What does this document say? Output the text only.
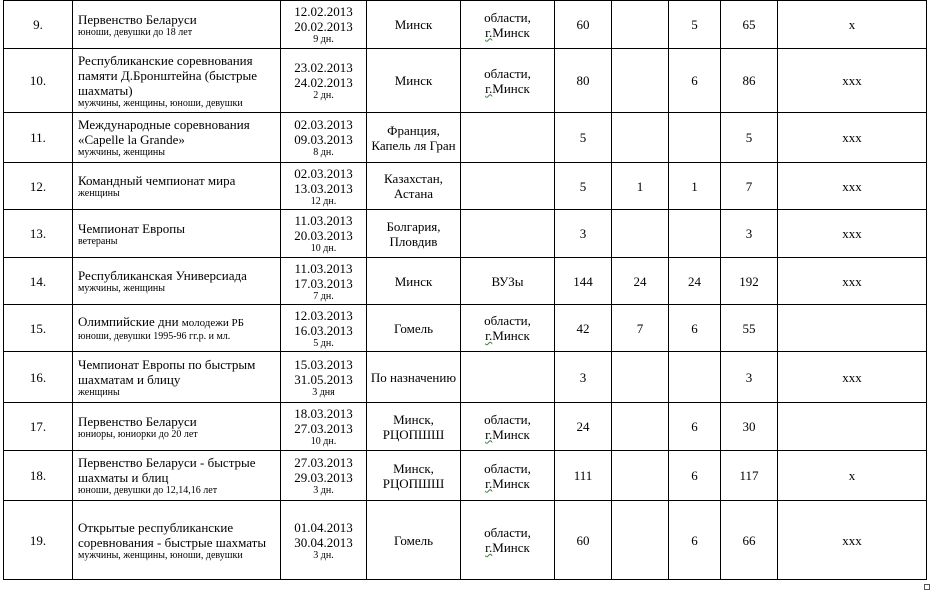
9.	Первенство Беларуси
юноши, девушки до 18 лет	12.02.2013
20.02.2013
9 дн.	Минск	области,
г.Минск	60		5	65	x
10.	Республиканские соревнования памяти Д.Бронштейна (быстрые шахматы)
мужчины, женщины, юноши, девушки	23.02.2013
24.02.2013
2 дн.	Минск	области,
г.Минск	80		6	86	xxx
11.	Международные соревнования «Capelle la Grande»
мужчины, женщины	02.03.2013
09.03.2013
8 дн.	Франция, Капель ля Гран		5			5	xxx
12.	Командный чемпионат мира
женщины	02.03.2013
13.03.2013
12 дн.	Казахстан, Астана		5	1	1	7	xxx
13.	Чемпионат Европы
ветераны	11.03.2013
20.03.2013
10 дн.	Болгария, Пловдив		3			3	xxx
14.	Республиканская Универсиада
мужчины, женщины	11.03.2013
17.03.2013
7 дн.	Минск	ВУЗы	144	24	24	192	xxx
15.	Олимпийские дни молодежи РБ
юноши, девушки 1995-96 гг.р. и мл.	12.03.2013
16.03.2013
5 дн.	Гомель	области,
г.Минск	42	7	6	55	
16.	Чемпионат Европы по быстрым шахматам и блицу
женщины	15.03.2013
31.05.2013
3 дня	По назначению		3			3	xxx
17.	Первенство Беларуси
юниоры, юниорки до 20 лет	18.03.2013
27.03.2013
10 дн.	Минск, РЦОПШШ	области,
г.Минск	24		6	30	
18.	Первенство Беларуси - быстрые шахматы и блиц
юноши, девушки до 12,14,16 лет	27.03.2013
29.03.2013
3 дн.	Минск, РЦОПШШ	области,
г.Минск	111		6	117	x
19.	Открытые республиканские соревнования - быстрые шахматы
мужчины, женщины, юноши, девушки	01.04.2013
30.04.2013
3 дн.	Гомель	области,
г.Минск	60		6	66	xxx
